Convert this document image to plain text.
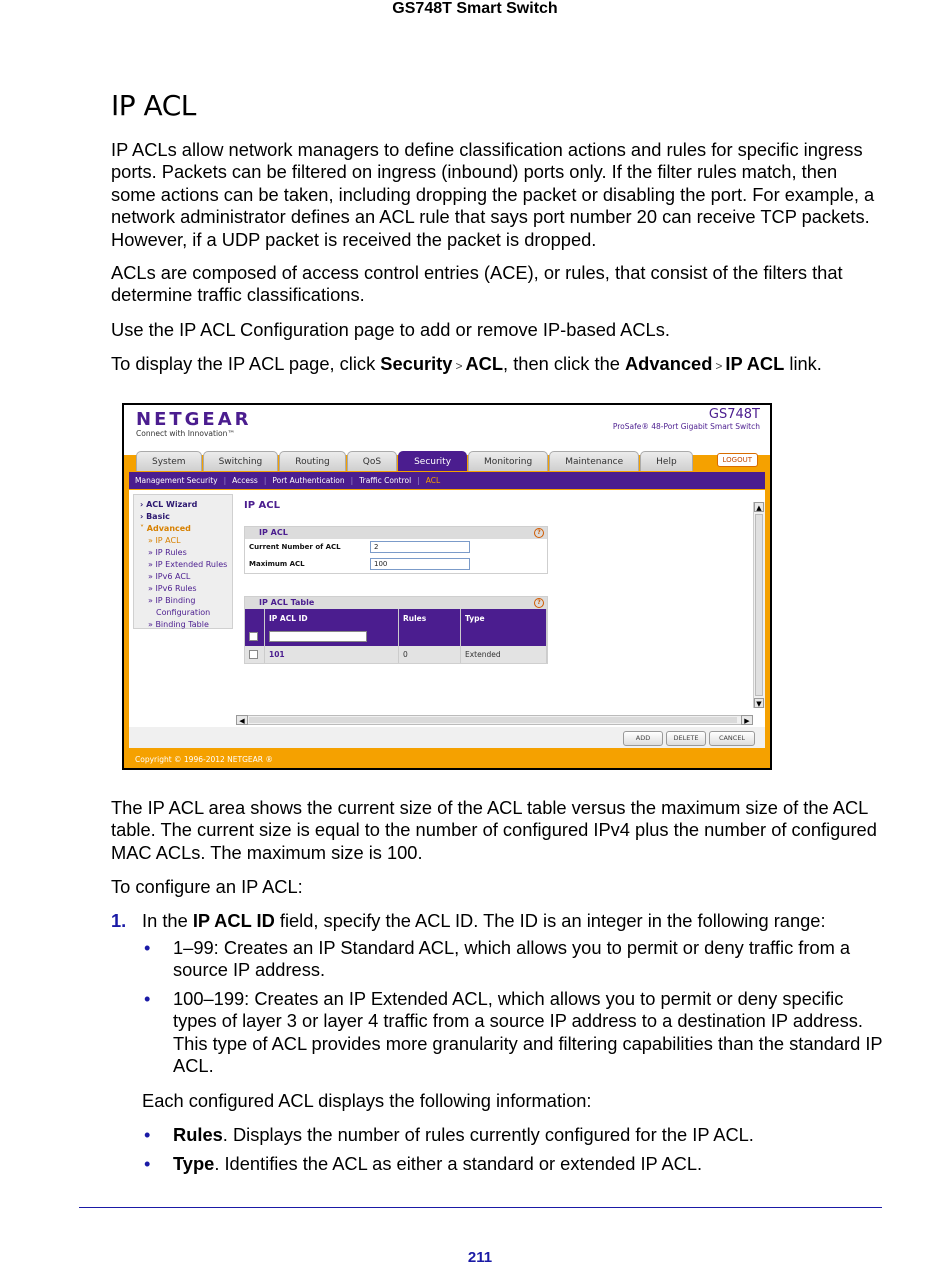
GS748T Smart Switch
IP ACL

IP ACLs allow network managers to define classification actions and rules for specific ingress ports. Packets can be filtered on ingress (inbound) ports only. If the filter rules match, then some actions can be taken, including dropping the packet or disabling the port. For example, a network administrator defines an ACL rule that says port number 20 can receive TCP packets. However, if a UDP packet is received the packet is dropped.

ACLs are composed of access control entries (ACE), or rules, that consist of the filters that determine traffic classifications.

Use the IP ACL Configuration page to add or remove IP-based ACLs.

To display the IP ACL page, click Security > ACL, then click the Advanced > IP ACL link.

NETGEAR
Connect with Innovation™
GS748T
ProSafe® 48-Port Gigabit Smart Switch
System	Switching	Routing	QoS	Security	Monitoring	Maintenance	Help	LOGOUT
Management Security | Access | Port Authentication | Traffic Control | ACL
› ACL Wizard
› Basic
˅ Advanced
» IP ACL
» IP Rules
» IP Extended Rules
» IPv6 ACL
» IPv6 Rules
» IP Binding
Configuration
» Binding Table
IP ACL
IP ACL	?
Current Number of ACL	2
Maximum ACL	100
IP ACL Table	?
	IP ACL ID	Rules	Type

	101	0	Extended
▲
▼
◀	▶
ADD	DELETE	CANCEL
Copyright © 1996-2012 NETGEAR ®

The IP ACL area shows the current size of the ACL table versus the maximum size of the ACL table. The current size is equal to the number of configured IPv4 plus the number of configured MAC ACLs. The maximum size is 100.

To configure an IP ACL:

1. In the IP ACL ID field, specify the ACL ID. The ID is an integer in the following range:

• 1–99: Creates an IP Standard ACL, which allows you to permit or deny traffic from a source IP address.

• 100–199: Creates an IP Extended ACL, which allows you to permit or deny specific types of layer 3 or layer 4 traffic from a source IP address to a destination IP address. This type of ACL provides more granularity and filtering capabilities than the standard IP ACL.

Each configured ACL displays the following information:

• Rules. Displays the number of rules currently configured for the IP ACL.

• Type. Identifies the ACL as either a standard or extended IP ACL.

211
